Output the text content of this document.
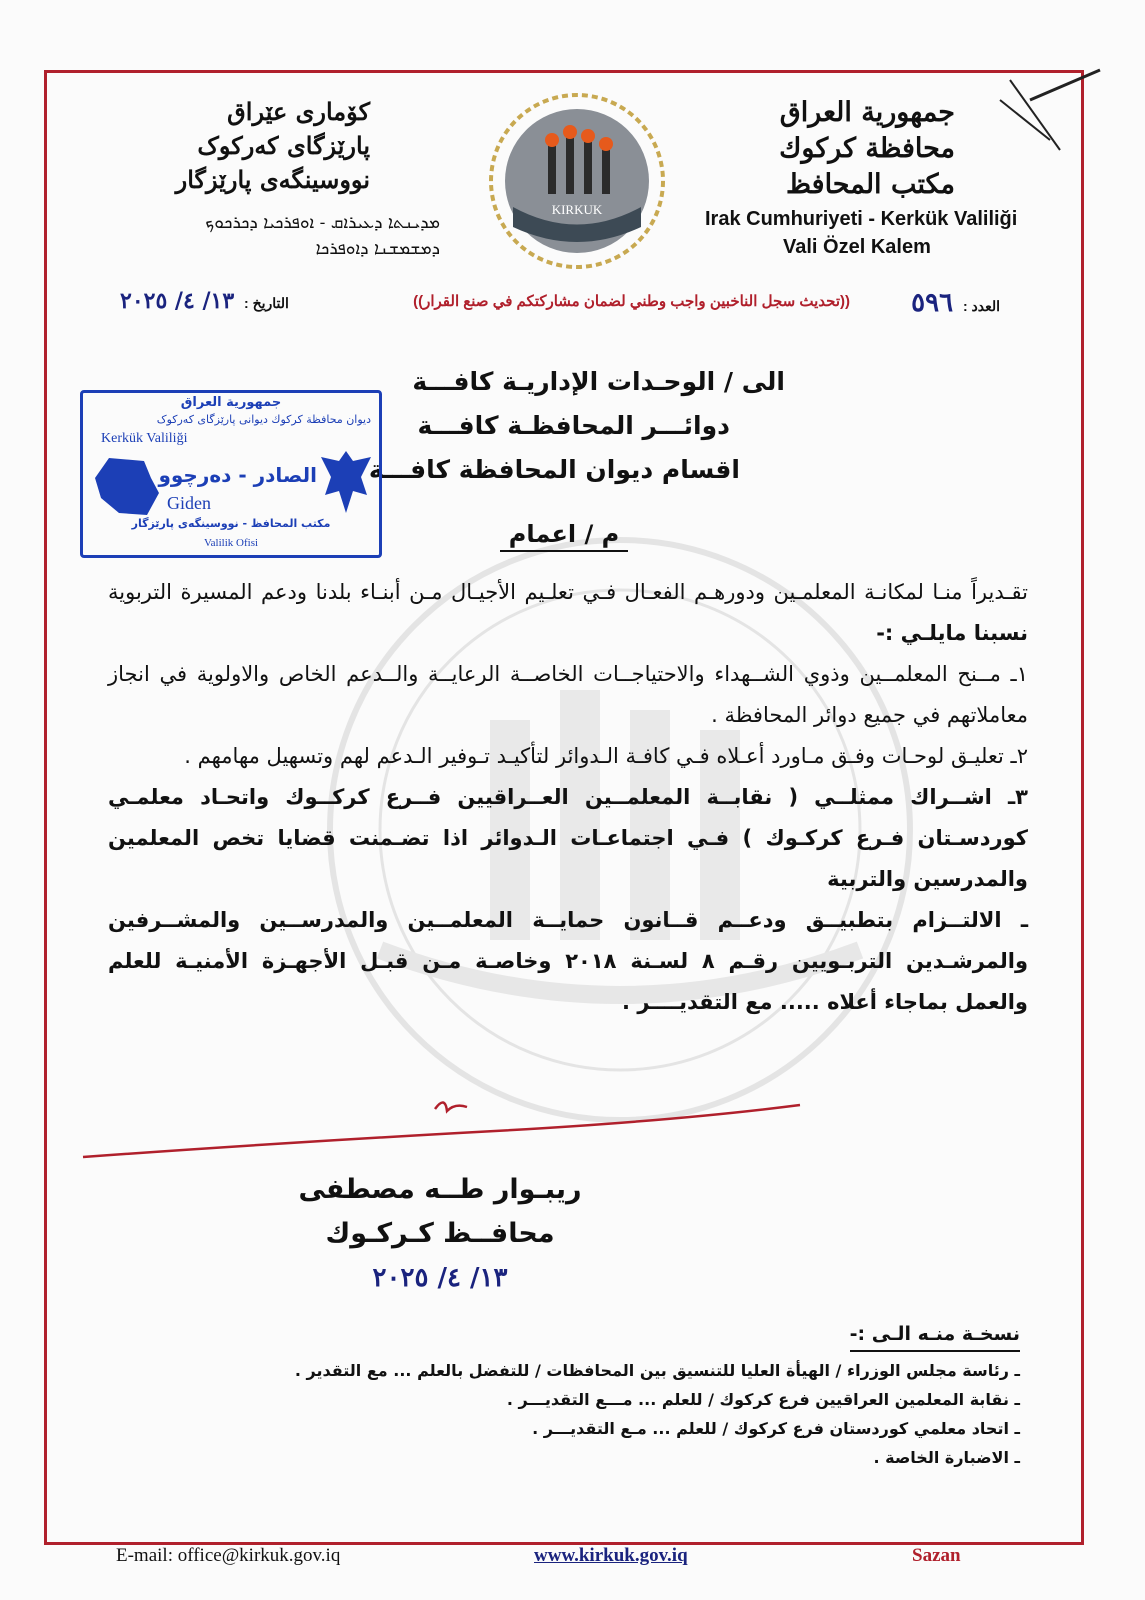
جمهورية العراق
محافظة كركوك
مكتب المحافظ
Irak Cumhuriyeti - Kerkük Valiliği
Vali Özel Kalem
کۆماری عێراق
پارێزگای کەرکوک
نووسینگەی پارێزگار
ܡܕܝܢܬܐ ܕܥܝܪܐܩ - ܐܘܦܪܟܝܐ ܕܟܪܟܘܟ
ܕܡܫܡܫܢܐ ܕܐܘܦܪܟܐ
KIRKUK
العدد : ٥٩٦
((تحديث سجل الناخبين واجب وطني لضمان مشاركتكم في صنع القرار))
التاريخ : ١٣/ ٤/ ٢٠٢٥
الى / الوحـدات الإداريـة كافـــة
دوائـــر المحافظـة كافـــة
اقسام ديوان المحافظة كافـــة
جمهورية العراق
ديوان محافظة كركوك ديوانی پارێزگای کەرکوک
Kerkük Valiliği
الصادر - دەرچوو
Giden
مكتب المحافظ - نووسینگەی پارێزگار
Valilik Ofisi	م / اعمام

تقـديراً منـا لمكانـة المعلمـين ودورهـم الفعـال فـي تعلـيم الأجيـال مـن أبنـاء بلدنا ودعم المسيرة التربوية نسبنا مايلـي :-

١ـ مــنح المعلمــين وذوي الشــهداء والاحتياجــات الخاصــة الرعايــة والــدعم الخاص والاولوية في انجاز معاملاتهم في جميع دوائر المحافظة .

٢ـ تعليـق لوحـات وفـق مـاورد أعـلاه فـي كافـة الـدوائر لتأكيـد تـوفير الـدعم لهم وتسهيل مهامهم .

٣ـ اشــراك ممثلــي ( نقابــة المعلمــين العــراقيين فــرع كركــوك واتحـاد معلمـي كوردسـتان فـرع كركـوك ) فـي اجتماعـات الـدوائر اذا تضـمنت قضايا تخص المعلمين والمدرسين والتربية

ـ الالتــزام بتطبيــق ودعــم قــانون حمايــة المعلمــين والمدرســين والمشــرفين والمرشـدين التربـويين رقـم ٨ لسـنة ٢٠١٨ وخاصـة مـن قبـل الأجهـزة الأمنيـة للعلم والعمل بماجاء أعلاه ..... مع التقديــــر .

ريبـوار طــه مصطفى
محافــظ كـركـوك
١٣/ ٤/ ٢٠٢٥
نسخـة منـه الـى :-
ـ رئاسة مجلس الوزراء / الهيأة العليا للتنسيق بين المحافظات / للتفضل بالعلم ... مع التقدير .
ـ نقابة المعلمين العراقيين فرع كركوك / للعلم ... مـــع التقديـــر .
ـ اتحاد معلمي كوردستان فرع كركوك / للعلم ... مـع التقديـــر .
ـ الاضبارة الخاصة .
E-mail: office@kirkuk.gov.iq	www.kirkuk.gov.iq	Sazan
